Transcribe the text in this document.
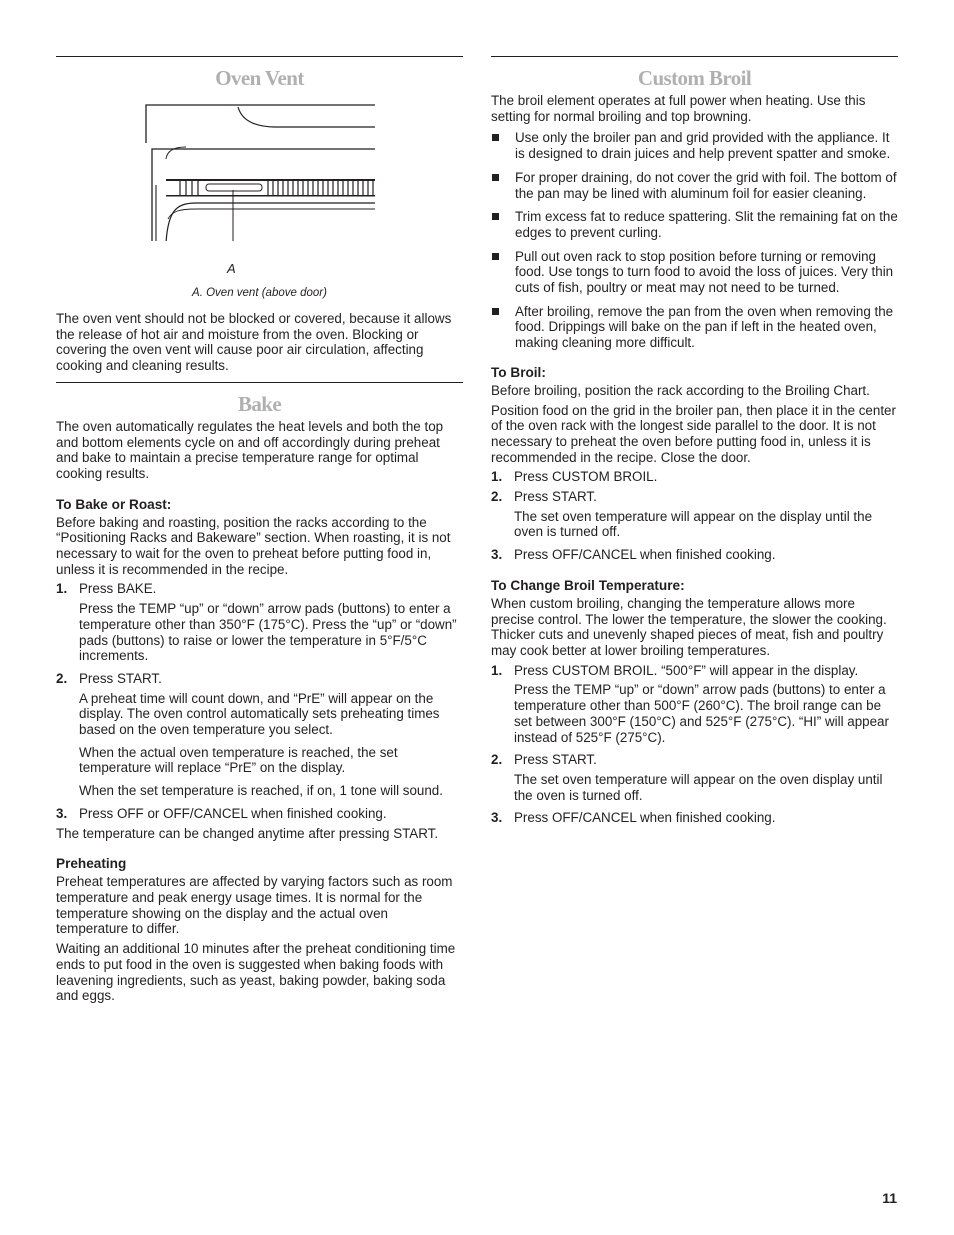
Oven Vent
A
A. Oven vent (above door)

The oven vent should not be blocked or covered, because it allows the release of hot air and moisture from the oven. Blocking or covering the oven vent will cause poor air circulation, affecting cooking and cleaning results.

Bake

The oven automatically regulates the heat levels and both the top and bottom elements cycle on and off accordingly during preheat and bake to maintain a precise temperature range for optimal cooking results.

To Bake or Roast:

Before baking and roasting, position the racks according to the “Positioning Racks and Bakeware” section. When roasting, it is not necessary to wait for the oven to preheat before putting food in, unless it is recommended in the recipe.

1. Press BAKE.
Press the TEMP “up” or “down” arrow pads (buttons) to enter a temperature other than 350°F (175°C). Press the “up” or “down” pads (buttons) to raise or lower the temperature in 5°F/5°C increments.
2. Press START.
A preheat time will count down, and “PrE” will appear on the display. The oven control automatically sets preheating times based on the oven temperature you select.
When the actual oven temperature is reached, the set temperature will replace “PrE” on the display.
When the set temperature is reached, if on, 1 tone will sound.
3. Press OFF or OFF/CANCEL when finished cooking.

The temperature can be changed anytime after pressing START.

Preheating

Preheat temperatures are affected by varying factors such as room temperature and peak energy usage times. It is normal for the temperature showing on the display and the actual oven temperature to differ.

Waiting an additional 10 minutes after the preheat conditioning time ends to put food in the oven is suggested when baking foods with leavening ingredients, such as yeast, baking powder, baking soda and eggs.

Custom Broil

The broil element operates at full power when heating. Use this setting for normal broiling and top browning.

Use only the broiler pan and grid provided with the appliance. It is designed to drain juices and help prevent spatter and smoke.
For proper draining, do not cover the grid with foil. The bottom of the pan may be lined with aluminum foil for easier cleaning.
Trim excess fat to reduce spattering. Slit the remaining fat on the edges to prevent curling.
Pull out oven rack to stop position before turning or removing food. Use tongs to turn food to avoid the loss of juices. Very thin cuts of fish, poultry or meat may not need to be turned.
After broiling, remove the pan from the oven when removing the food. Drippings will bake on the pan if left in the heated oven, making cleaning more difficult.
To Broil:

Before broiling, position the rack according to the Broiling Chart.

Position food on the grid in the broiler pan, then place it in the center of the oven rack with the longest side parallel to the door. It is not necessary to preheat the oven before putting food in, unless it is recommended in the recipe. Close the door.

1. Press CUSTOM BROIL.
2. Press START.
The set oven temperature will appear on the display until the oven is turned off.
3. Press OFF/CANCEL when finished cooking.
To Change Broil Temperature:

When custom broiling, changing the temperature allows more precise control. The lower the temperature, the slower the cooking. Thicker cuts and unevenly shaped pieces of meat, fish and poultry may cook better at lower broiling temperatures.

1. Press CUSTOM BROIL. “500°F” will appear in the display.
Press the TEMP “up” or “down” arrow pads (buttons) to enter a temperature other than 500°F (260°C). The broil range can be set between 300°F (150°C) and 525°F (275°C). “HI” will appear instead of 525°F (275°C).
2. Press START.
The set oven temperature will appear on the oven display until the oven is turned off.
3. Press OFF/CANCEL when finished cooking.
11
